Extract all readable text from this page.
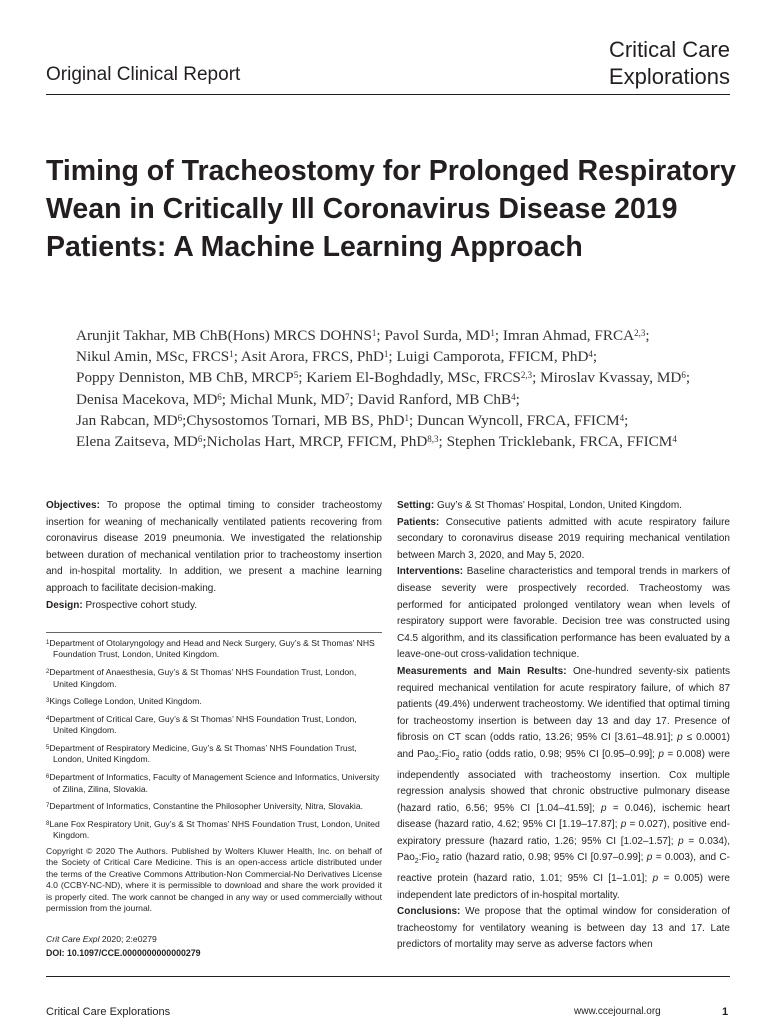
Original Clinical Report
Critical Care
Explorations
Timing of Tracheostomy for Prolonged Respiratory Wean in Critically Ill Coronavirus Disease 2019 Patients: A Machine Learning Approach
Arunjit Takhar, MB ChB(Hons) MRCS DOHNS$^1$; Pavol Surda, $MD^1$; Imran Ahmad, FRCA$^{2,3}$;
Nikul Amin, MSc, FRCS$^1$; Asit Arora, FRCS, PhD$^1$; Luigi Camporota, FFICM, PhD$^4$;
Poppy Denniston, MB ChB, MRCP$^5$; Kariem El-Boghdadly, MSc, FRCS$^{2,3}$; Miroslav Kvassay, $MD^6$;
Denisa Macekova, $MD^6$; Michal Munk, $MD^7$; David Ranford, MB ChB$^4$;
Jan Rabcan, $MD^6;Chysostomos$ Tornari, MB BS, PhD$^1$; Duncan Wyncoll, FRCA, FFICM$^4$;
Elena Zaitseva, $MD^6;Nicholas$ Hart, MRCP, FFICM, PhD$^{8,3}$; Stephen Tricklebank, FRCA, FFICM$^4$

Objectives: To propose the optimal timing to consider tracheostomy insertion for weaning of mechanically ventilated patients recovering from coronavirus disease 2019 pneumonia. We investigated the relationship between duration of mechanical ventilation prior to tracheostomy insertion and in-hospital mortality. In addition, we present a machine learning approach to facilitate decision-making.

Design: Prospective cohort study.

$^1$Department of Otolaryngology and Head and Neck Surgery, Guy’s & St Thomas’ NHS Foundation Trust, London, United Kingdom.

$^2$Department of Anaesthesia, Guy’s & St Thomas’ NHS Foundation Trust, London, United Kingdom.

$^3$Kings College London, United Kingdom.

$^4$Department of Critical Care, Guy’s & St Thomas’ NHS Foundation Trust, London, United Kingdom.

$^5$Department of Respiratory Medicine, Guy’s & St Thomas’ NHS Foundation Trust, London, United Kingdom.

$^6$Department of Informatics, Faculty of Management Science and Informatics, University of Zilina, Zilina, Slovakia.

$^7$Department of Informatics, Constantine the Philosopher University, Nitra, Slovakia.

$^8$Lane Fox Respiratory Unit, Guy’s & St Thomas’ NHS Foundation Trust, London, United Kingdom.

Copyright © 2020 The Authors. Published by Wolters Kluwer Health, Inc. on behalf of the Society of Critical Care Medicine. This is an open-access article distributed under the terms of the Creative Commons Attribution-Non Commercial-No Derivatives License 4.0 (CCBY-NC-ND), where it is permissible to download and share the work provided it is properly cited. The work cannot be changed in any way or used commercially without permission from the journal.
Crit Care Expl 2020; 2:e0279
DOI: 10.1097/CCE.0000000000000279

Setting: Guy’s & St Thomas’ Hospital, London, United Kingdom.

Patients: Consecutive patients admitted with acute respiratory failure secondary to coronavirus disease 2019 requiring mechanical ventilation between March 3, 2020, and May 5, 2020.

Interventions: Baseline characteristics and temporal trends in markers of disease severity were prospectively recorded. Tracheostomy was performed for anticipated prolonged ventilatory wean when levels of respiratory support were favorable. Decision tree was constructed using C4.5 algorithm, and its classification performance has been evaluated by a leave-one-out cross-validation technique.

Measurements and Main Results: One-hundred seventy-six patients required mechanical ventilation for acute respiratory failure, of which 87 patients (49.4%) underwent tracheostomy. We identified that optimal timing for tracheostomy insertion is between day 13 and day 17. Presence of fibrosis on CT scan (odds ratio, 13.26; 95% CI [3.61–48.91]; p ≤ 0.0001) and Pao$_2$:Fio$_2$ ratio (odds ratio, 0.98; 95% CI [0.95–0.99]; p = 0.008) were independently associated with tracheostomy insertion. Cox multiple regression analysis showed that chronic obstructive pulmonary disease (hazard ratio, 6.56; 95% CI [1.04–41.59]; p = 0.046), ischemic heart disease (hazard ratio, 4.62; 95% CI [1.19–17.87]; p = 0.027), positive end-expiratory pressure (hazard ratio, 1.26; 95% CI [1.02–1.57]; p = 0.034), Pao$_2$:Fio$_2$ ratio (hazard ratio, 0.98; 95% CI [0.97–0.99]; p = 0.003), and C-reactive protein (hazard ratio, 1.01; 95% CI [1–1.01]; p = 0.005) were independent late predictors of in-hospital mortality.

Conclusions: We propose that the optimal window for consideration of tracheostomy for ventilatory weaning is between day 13 and 17. Late predictors of mortality may serve as adverse factors when

Critical Care Explorations	www.ccejournal.org	1
